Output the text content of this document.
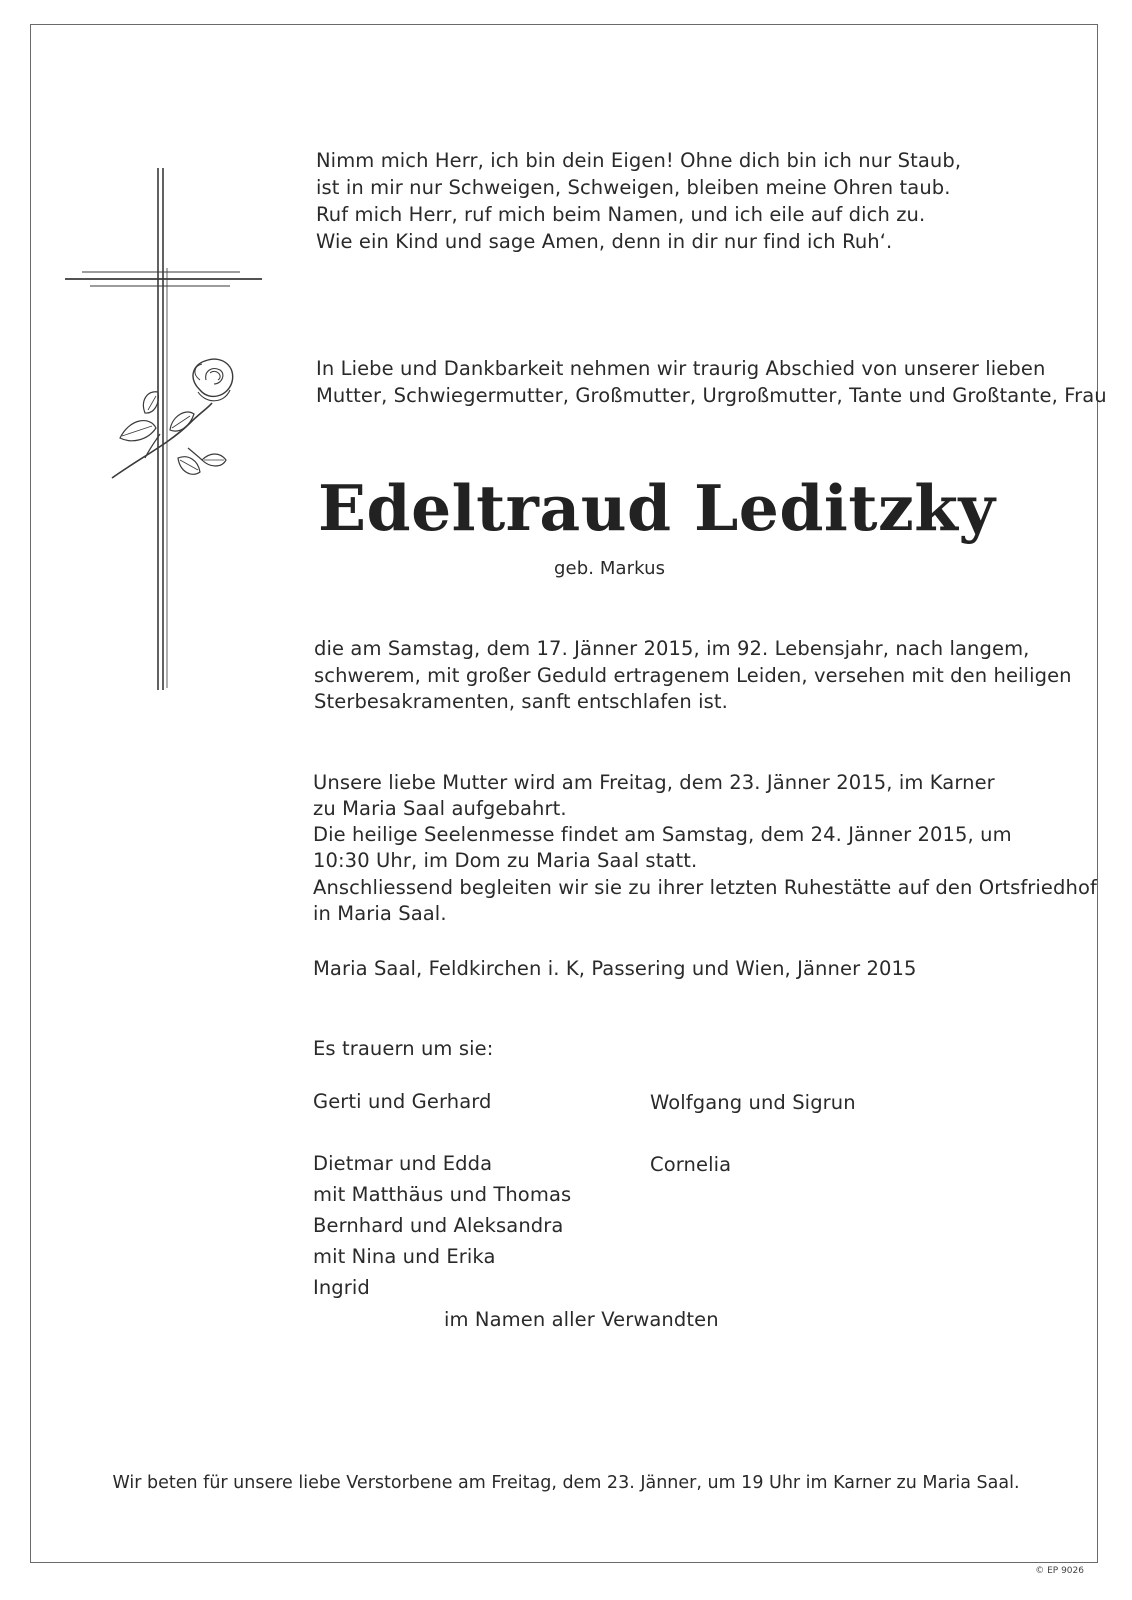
Nimm mich Herr, ich bin dein Eigen! Ohne dich bin ich nur Staub,

ist in mir nur Schweigen, Schweigen, bleiben meine Ohren taub.

Ruf mich Herr, ruf mich beim Namen, und ich eile auf dich zu.

Wie ein Kind und sage Amen, denn in dir nur find ich Ruh‘.

In Liebe und Dankbarkeit nehmen wir traurig Abschied von unserer lieben

Mutter, Schwiegermutter, Großmutter, Urgroßmutter, Tante und Großtante, Frau

Edeltraud Leditzky

geb. Markus

die am Samstag, dem 17. Jänner 2015, im 92. Lebensjahr, nach langem,

schwerem, mit großer Geduld ertragenem Leiden, versehen mit den heiligen

Sterbesakramenten, sanft entschlafen ist.

Unsere liebe Mutter wird am Freitag, dem 23. Jänner 2015, im Karner

zu Maria Saal aufgebahrt.

Die heilige Seelenmesse findet am Samstag, dem 24. Jänner 2015, um

10:30 Uhr, im Dom zu Maria Saal statt.

Anschliessend begleiten wir sie zu ihrer letzten Ruhestätte auf den Ortsfriedhof

in Maria Saal.

Maria Saal, Feldkirchen i. K, Passering und Wien, Jänner 2015

Es trauern um sie:

Gerti und Gerhard

Dietmar und Edda

mit Matthäus und Thomas

Bernhard und Aleksandra

mit Nina und Erika

Ingrid

Wolfgang und Sigrun

Cornelia

im Namen aller Verwandten

Wir beten für unsere liebe Verstorbene am Freitag, dem 23. Jänner, um 19 Uhr im Karner zu Maria Saal.

© EP 9026
